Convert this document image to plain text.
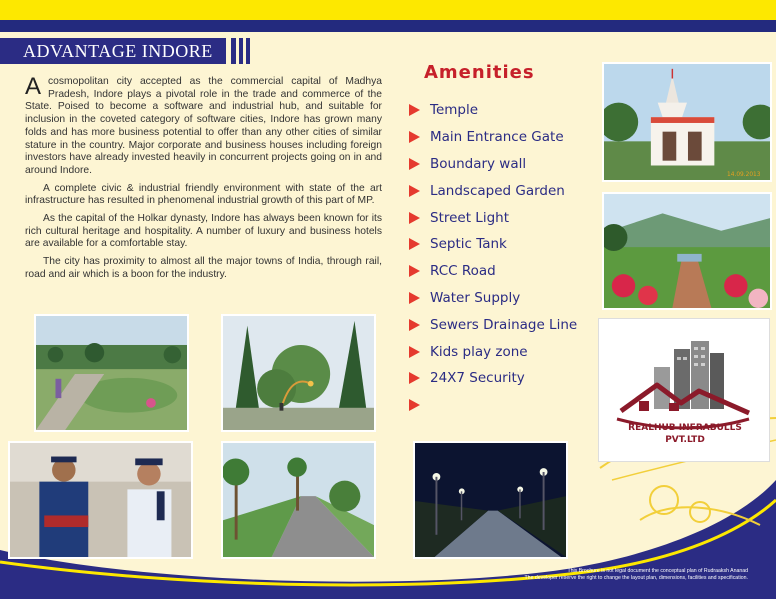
ADVANTAGE INDORE

Acosmopolitan city accepted as the commercial capital of Madhya Pradesh, Indore plays a pivotal role in the trade and commerce of the State. Poised to become a software and industrial hub, and suitable for inclusion in the coveted category of software cities, Indore has grown many folds and has more business potential to offer than any other cities of similar stature in the country. Major corporate and business houses including foreign investors have already invested heavily in concurrent projects going on in and around Indore.

A complete civic & industrial friendly environment with state of the art infrastructure has resulted in phenomenal industrial growth of this part of MP.

As the capital of the Holkar dynasty, Indore has always been known for its rich cultural heritage and hospitality. A number of luxury and business hotels are available for a comfortable stay.

The city has proximity to almost all the major towns of India, through rail, road and air which is a boon for the industry.

14.09.2013
Amenities
Temple
Main Entrance Gate
Boundary wall
Landscaped Garden
Street Light
Septic Tank
RCC Road
Water Supply
Sewers Drainage Line
Kids play zone
24X7 Security
REALHUB INFRABULLS
PVT.LTD
This Brochure is not legal document the conceptual plan of Rudraaksh Ananad
The developer reserve the right to change the layout plan, dimensions, facilities and specification.
